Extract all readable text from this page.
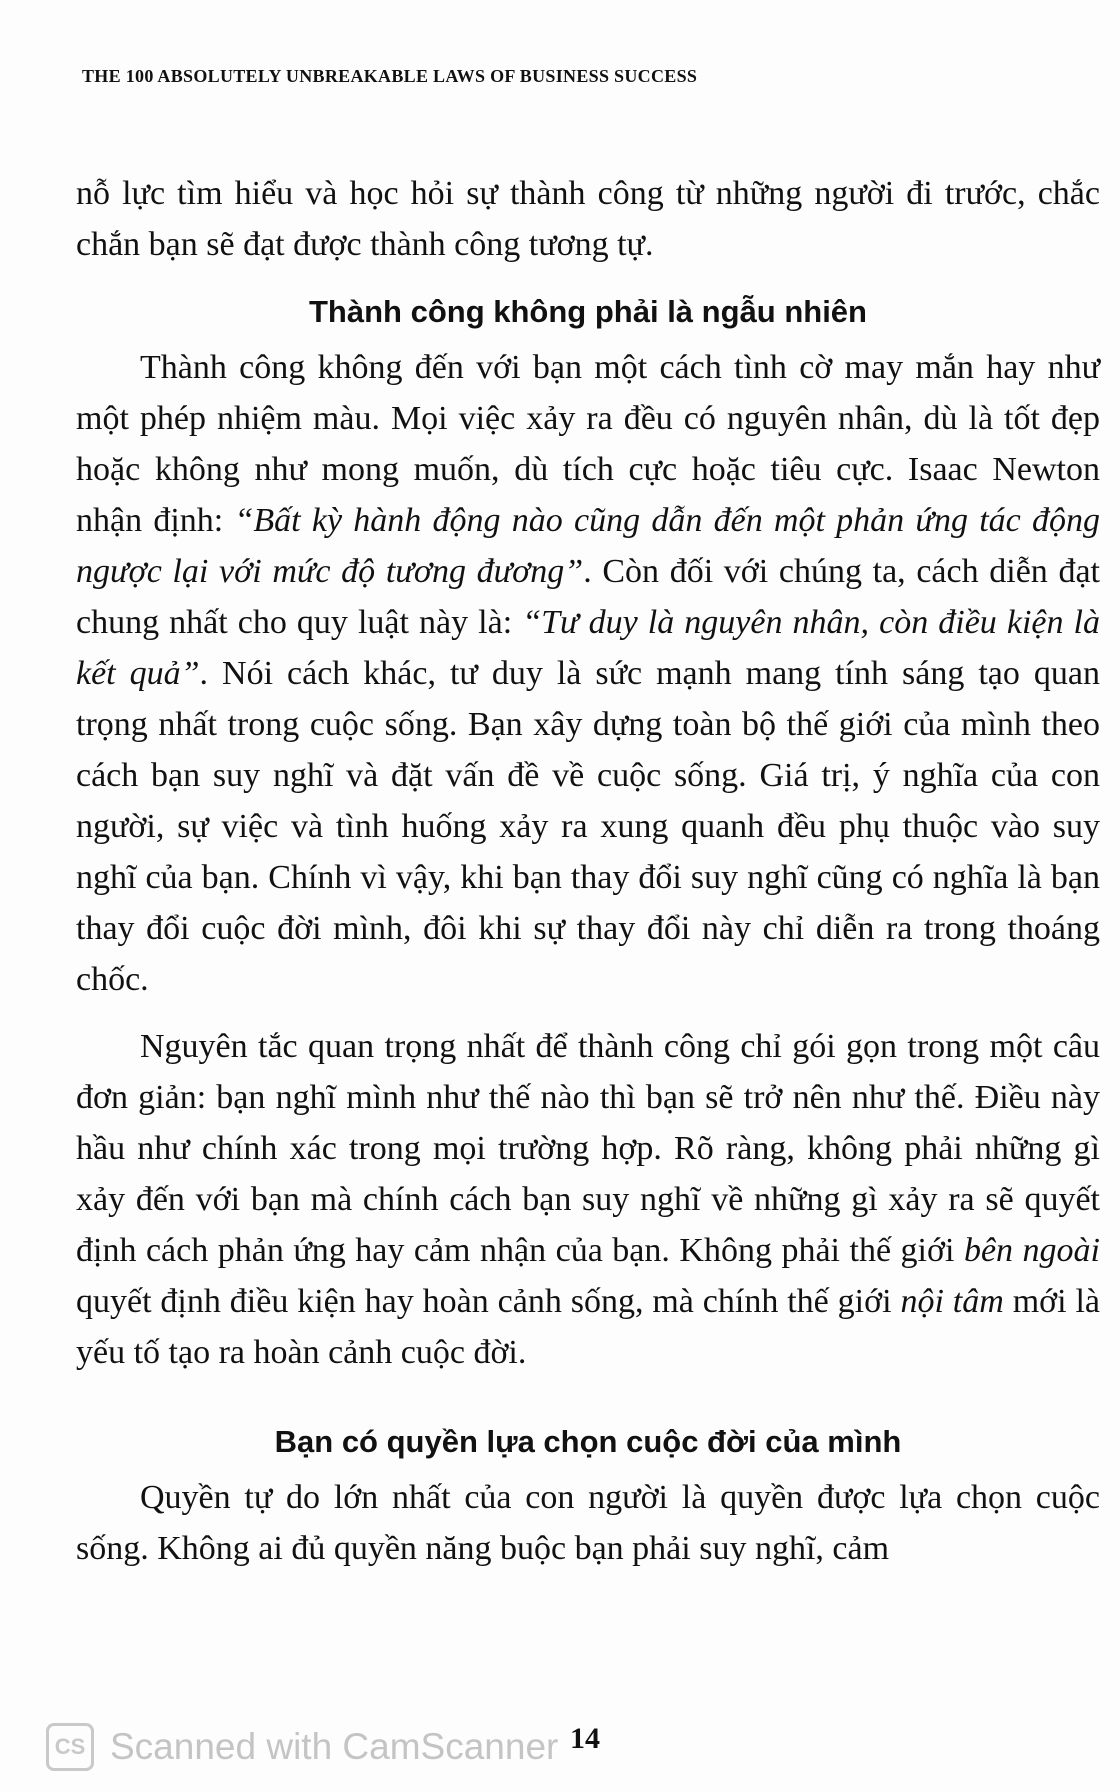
THE 100 ABSOLUTELY UNBREAKABLE LAWS OF BUSINESS SUCCESS

nỗ lực tìm hiểu và học hỏi sự thành công từ những người đi trước, chắc chắn bạn sẽ đạt được thành công tương tự.

Thành công không phải là ngẫu nhiên

Thành công không đến với bạn một cách tình cờ may mắn hay như một phép nhiệm màu. Mọi việc xảy ra đều có nguyên nhân, dù là tốt đẹp hoặc không như mong muốn, dù tích cực hoặc tiêu cực. Isaac Newton nhận định: “Bất kỳ hành động nào cũng dẫn đến một phản ứng tác động ngược lại với mức độ tương đương”. Còn đối với chúng ta, cách diễn đạt chung nhất cho quy luật này là: “Tư duy là nguyên nhân, còn điều kiện là kết quả”. Nói cách khác, tư duy là sức mạnh mang tính sáng tạo quan trọng nhất trong cuộc sống. Bạn xây dựng toàn bộ thế giới của mình theo cách bạn suy nghĩ và đặt vấn đề về cuộc sống. Giá trị, ý nghĩa của con người, sự việc và tình huống xảy ra xung quanh đều phụ thuộc vào suy nghĩ của bạn. Chính vì vậy, khi bạn thay đổi suy nghĩ cũng có nghĩa là bạn thay đổi cuộc đời mình, đôi khi sự thay đổi này chỉ diễn ra trong thoáng chốc.

Nguyên tắc quan trọng nhất để thành công chỉ gói gọn trong một câu đơn giản: bạn nghĩ mình như thế nào thì bạn sẽ trở nên như thế. Điều này hầu như chính xác trong mọi trường hợp. Rõ ràng, không phải những gì xảy đến với bạn mà chính cách bạn suy nghĩ về những gì xảy ra sẽ quyết định cách phản ứng hay cảm nhận của bạn. Không phải thế giới bên ngoài quyết định điều kiện hay hoàn cảnh sống, mà chính thế giới nội tâm mới là yếu tố tạo ra hoàn cảnh cuộc đời.

Bạn có quyền lựa chọn cuộc đời của mình

Quyền tự do lớn nhất của con người là quyền được lựa chọn cuộc sống. Không ai đủ quyền năng buộc bạn phải suy nghĩ, cảm

CS Scanned with CamScanner 14
